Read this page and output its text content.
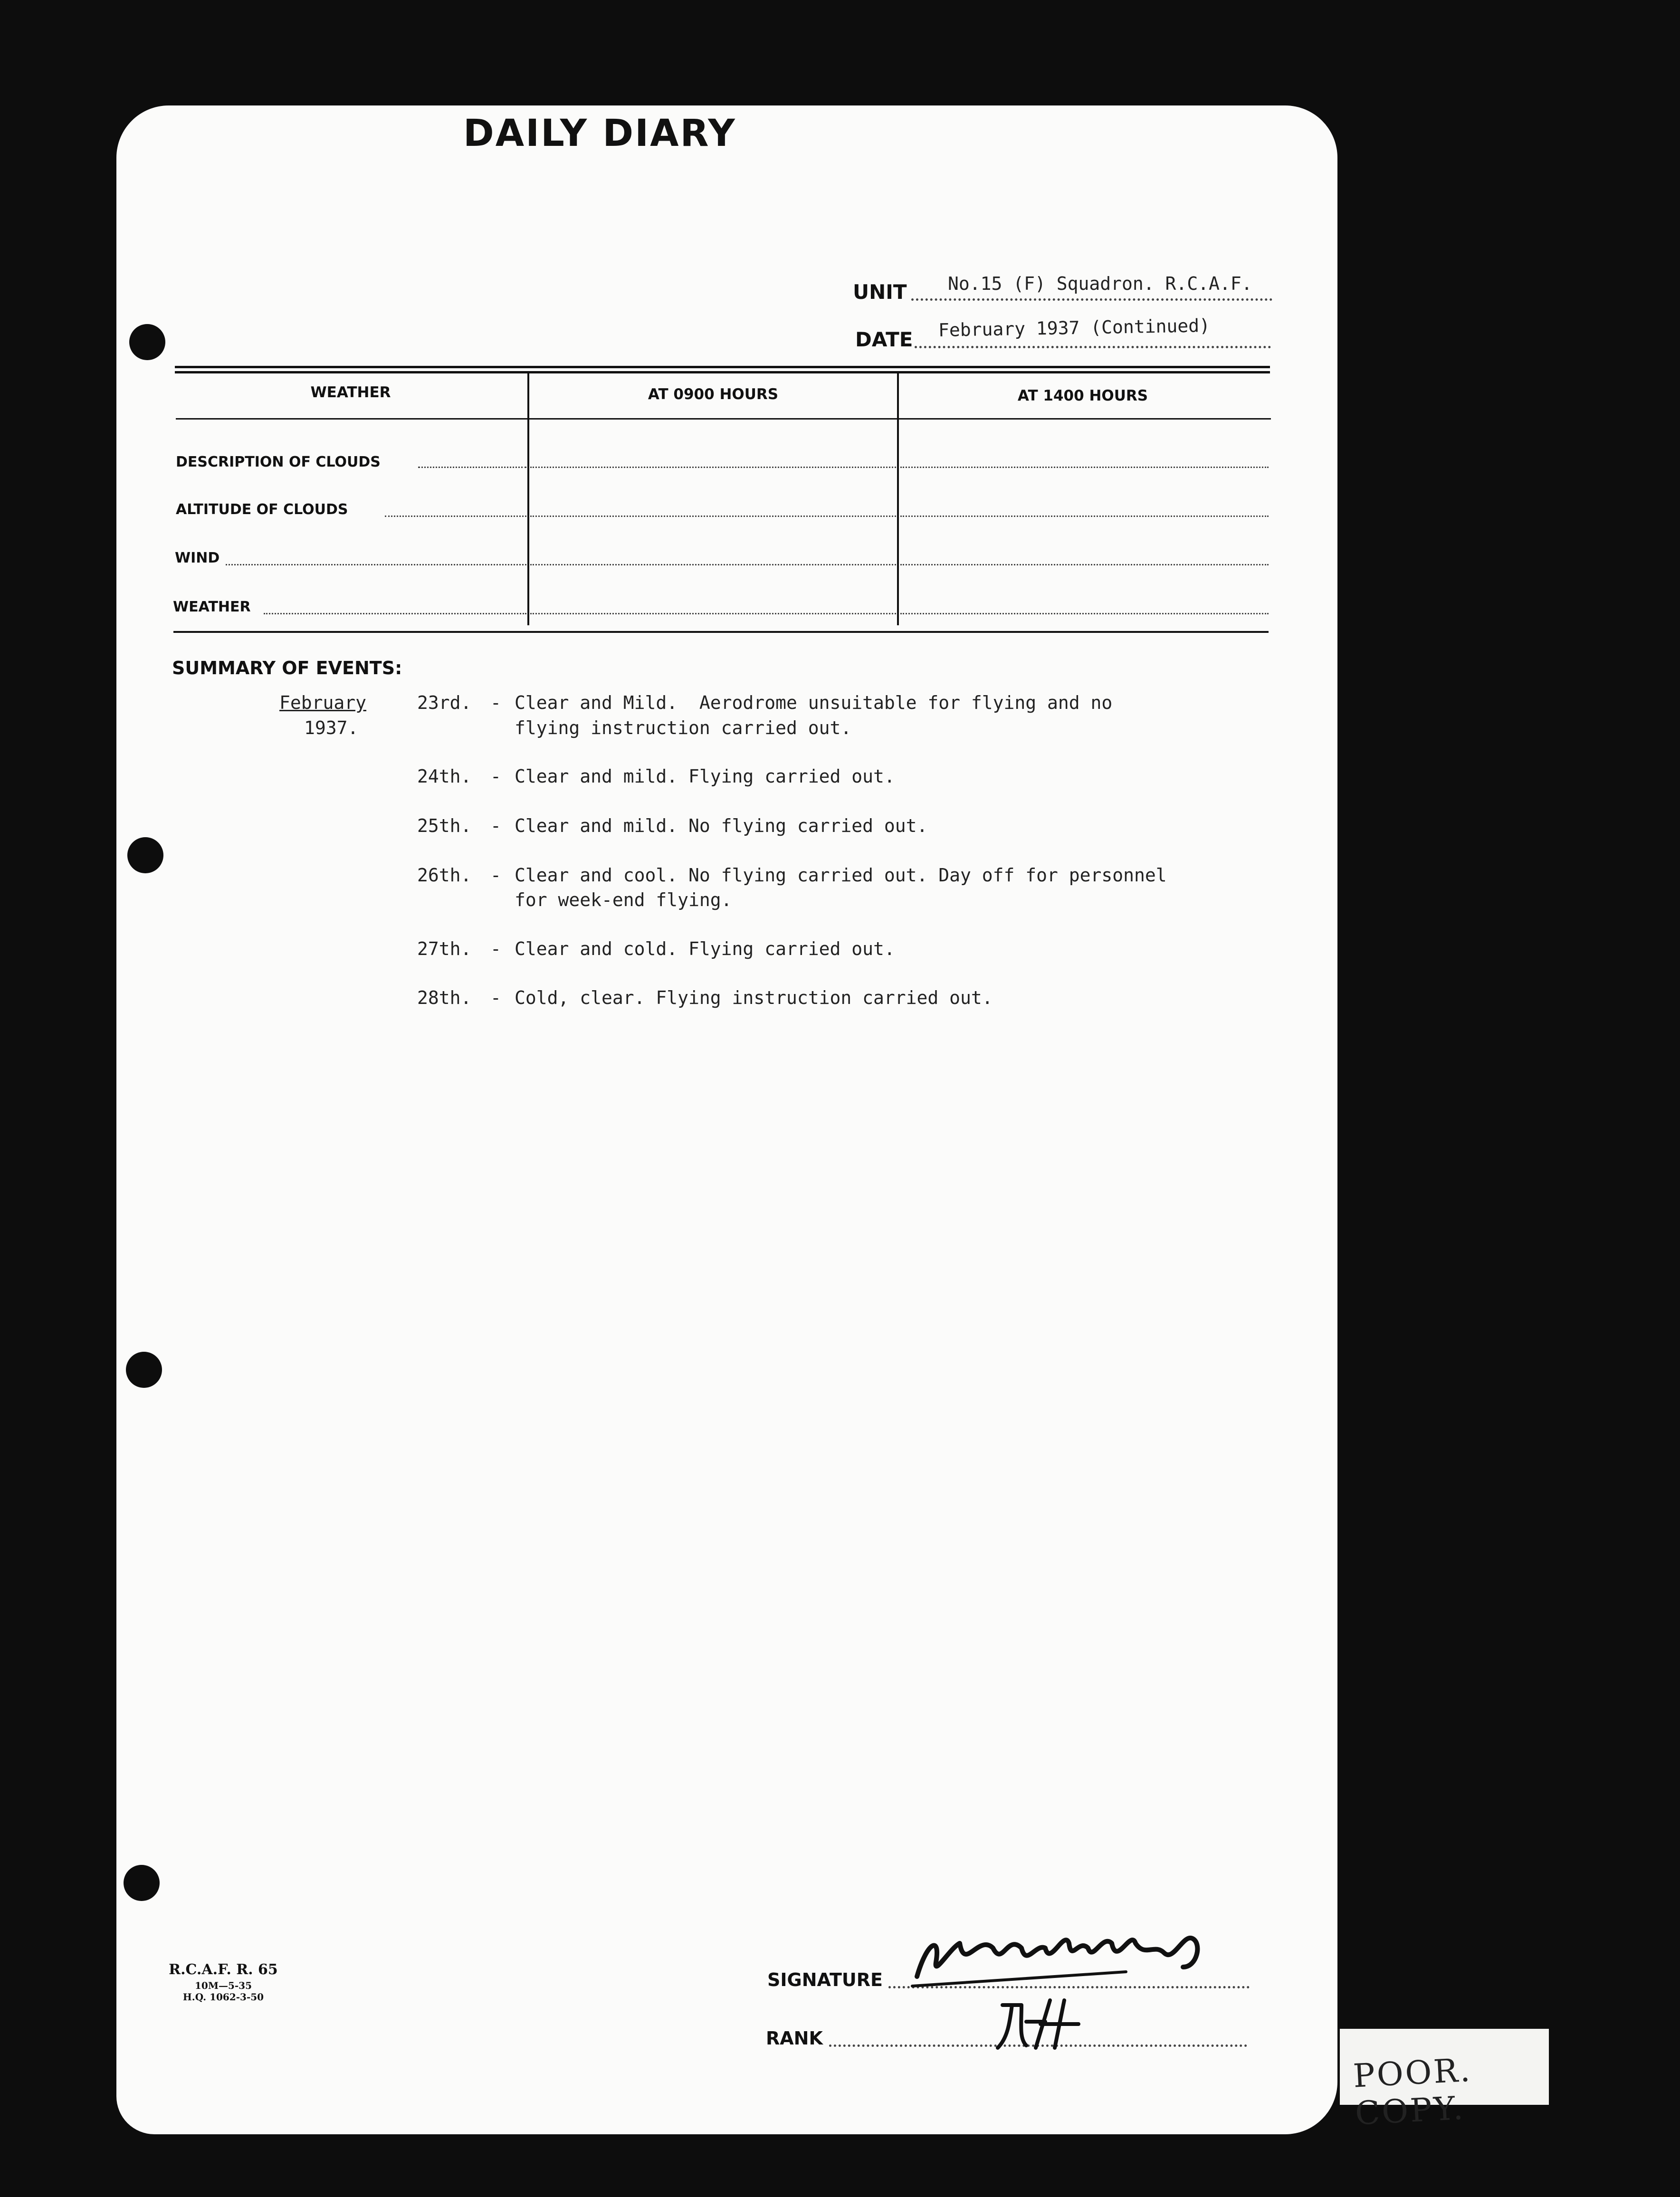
DAILY DIARY
UNIT No.15 (F) Squadron. R.C.A.F.
DATE February 1937 (Continued)
WEATHER	AT 0900 HOURS	AT 1400 HOURS
DESCRIPTION OF CLOUDS
ALTITUDE OF CLOUDS
WIND
WEATHER
SUMMARY OF EVENTS:
February
1937.
23rd. - Clear and Mild.  Aerodrome unsuitable for flying and no
flying instruction carried out.
24th. - Clear and mild. Flying carried out.
25th. - Clear and mild. No flying carried out.
26th. - Clear and cool. No flying carried out. Day off for personnel
for week-end flying.
27th. - Clear and cold. Flying carried out.
28th. - Cold, clear. Flying instruction carried out.
R.C.A.F. R. 65
10M—5-35
H.Q. 1062-3-50
SIGNATURE
RANK
POOR. COPY.
